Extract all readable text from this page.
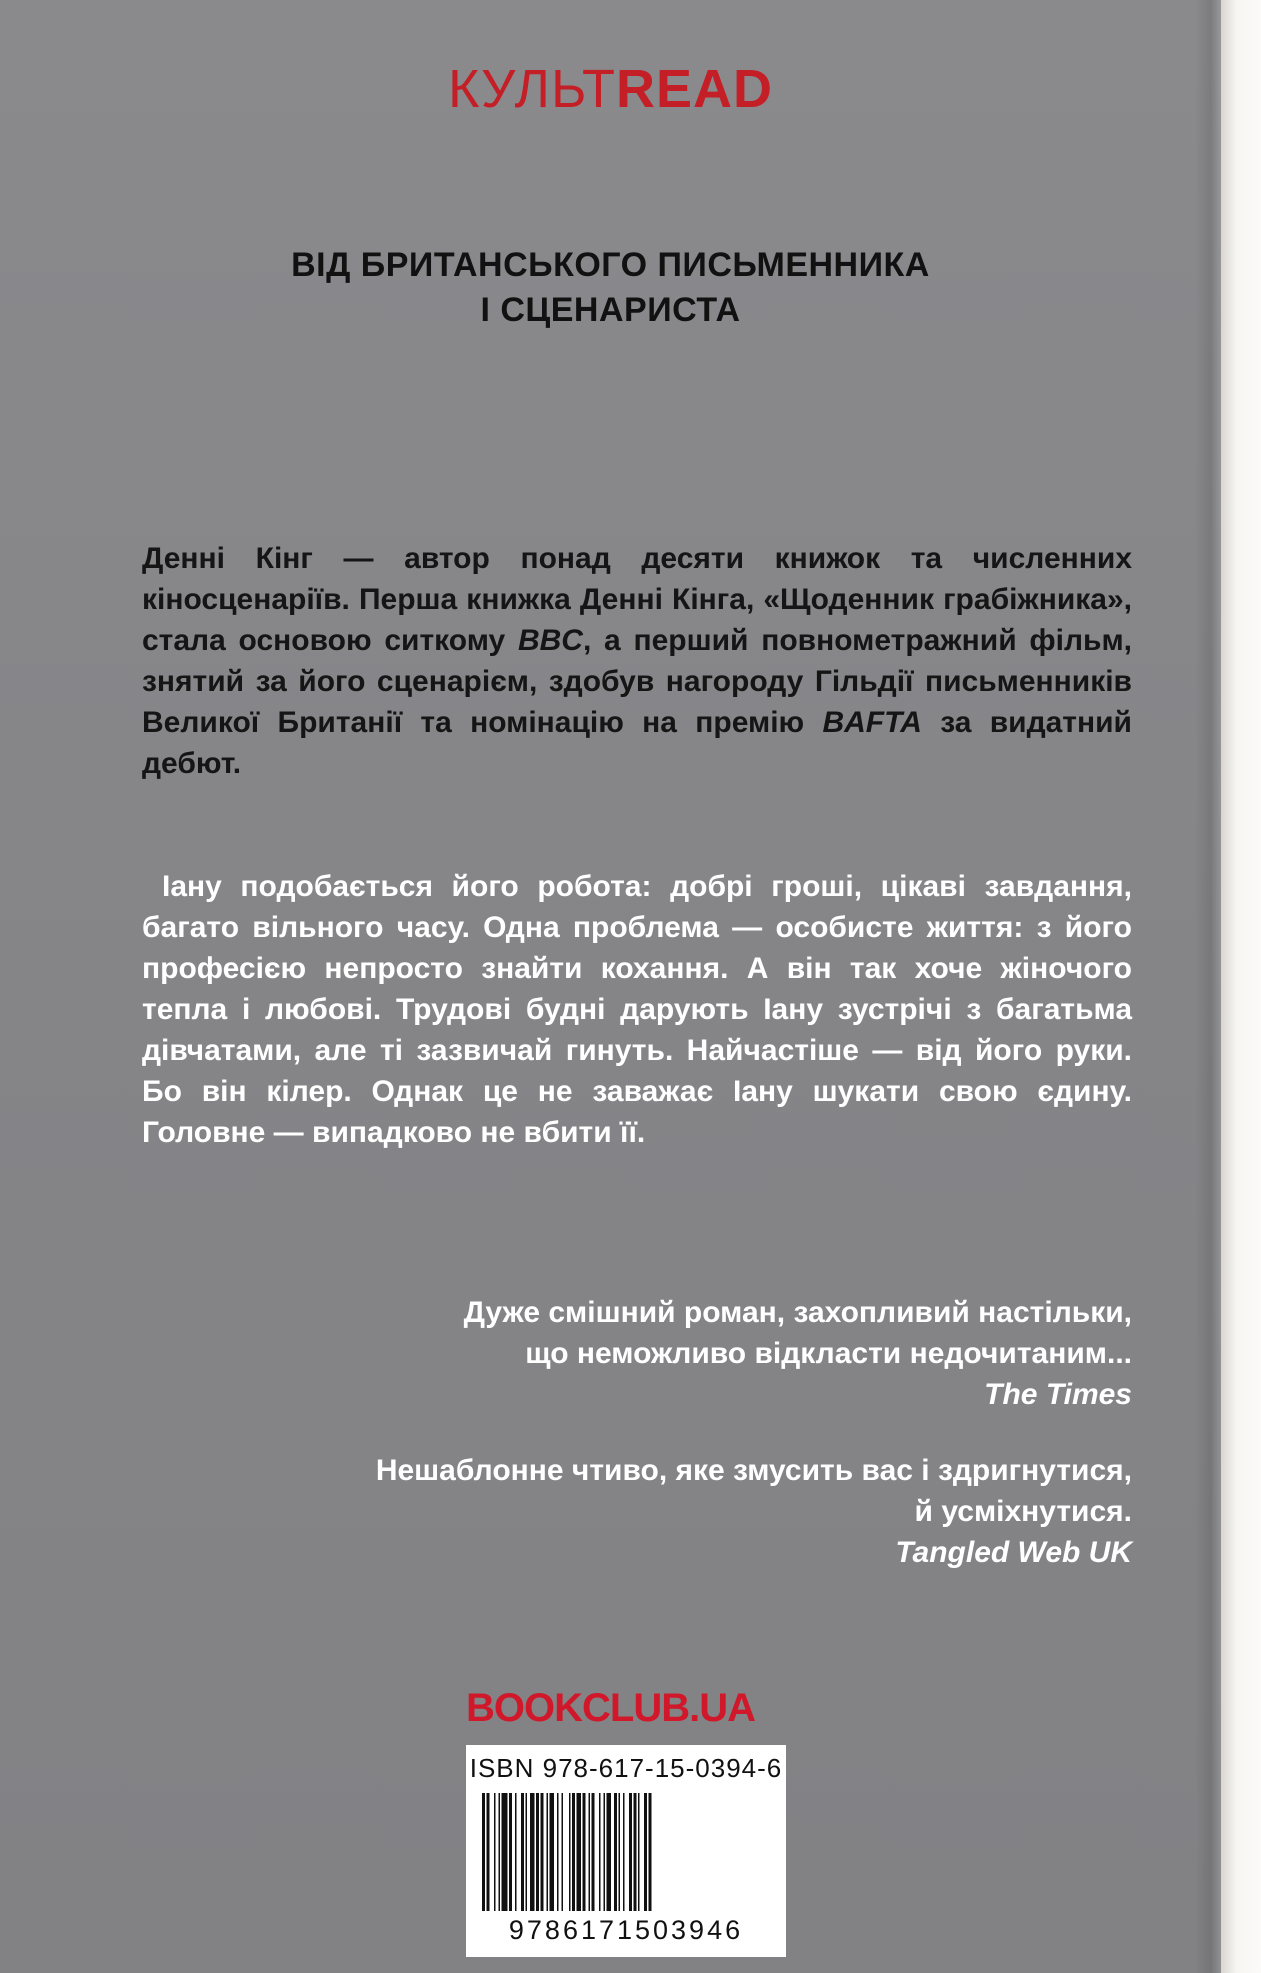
КУЛЬТREAD
ВІД БРИТАНСЬКОГО ПИСЬМЕННИКА
І СЦЕНАРИСТА
Денні Кінг — автор понад десяти книжок та численних кіносценаріїв. Перша книжка Денні Кінга, «Щоденник грабіжника», стала основою ситкому BBC, а перший повнометражний фільм, знятий за його сценарієм, здобув нагороду Гільдії письменників Великої Британії та номінацію на премію BAFTA за видатний дебют.
Іану подобається його робота: добрі гроші, цікаві завдання, багато вільного часу. Одна проблема — особисте життя: з його професією непросто знайти кохання. А він так хоче жіночого тепла і любові. Трудові будні дарують Іану зустрічі з багатьма дівчатами, але ті зазвичай гинуть. Найчастіше — від його руки. Бо він кілер. Однак це не заважає Іану шукати свою єдину. Головне — випадково не вбити її.
Дуже смішний роман, захопливий настільки,
що неможливо відкласти недочитаним...
The Times
Нешаблонне чтиво, яке змусить вас і здригнутися,
й усміхнутися.
Tangled Web UK
BOOKCLUB.UA
ISBN 978-617-15-0394-6
9786171503946
